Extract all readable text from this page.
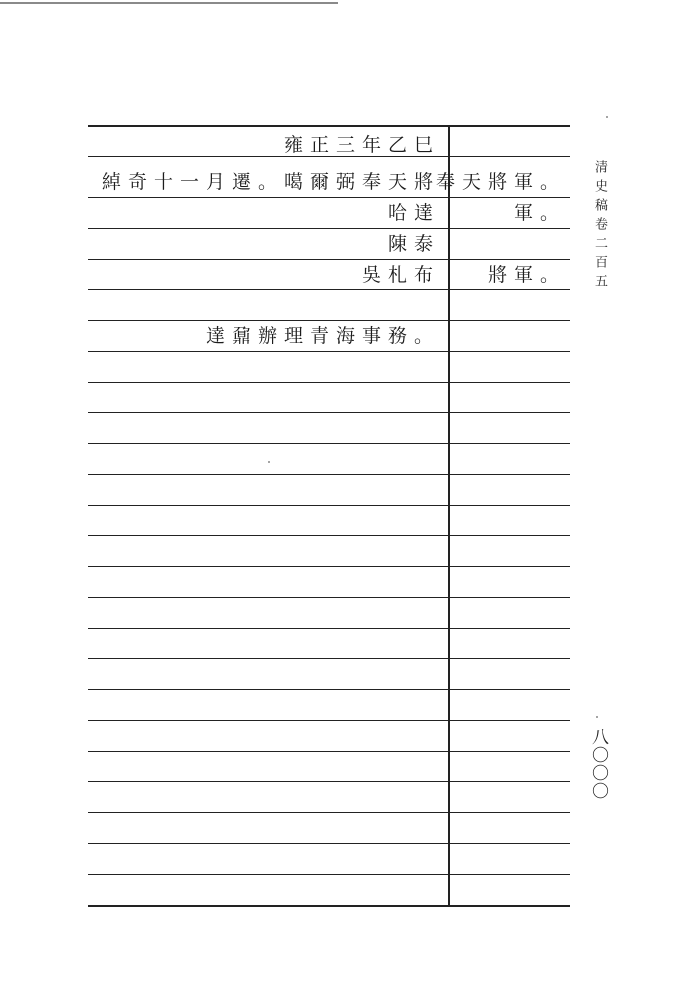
雍正三年乙巳
綽奇十一月遷。噶爾弼奉天將
奉天將軍。
哈達	軍。
陳泰
吳札布	將軍。
達鼐辦理青海事務。
清史稿卷二百五
八〇〇〇
